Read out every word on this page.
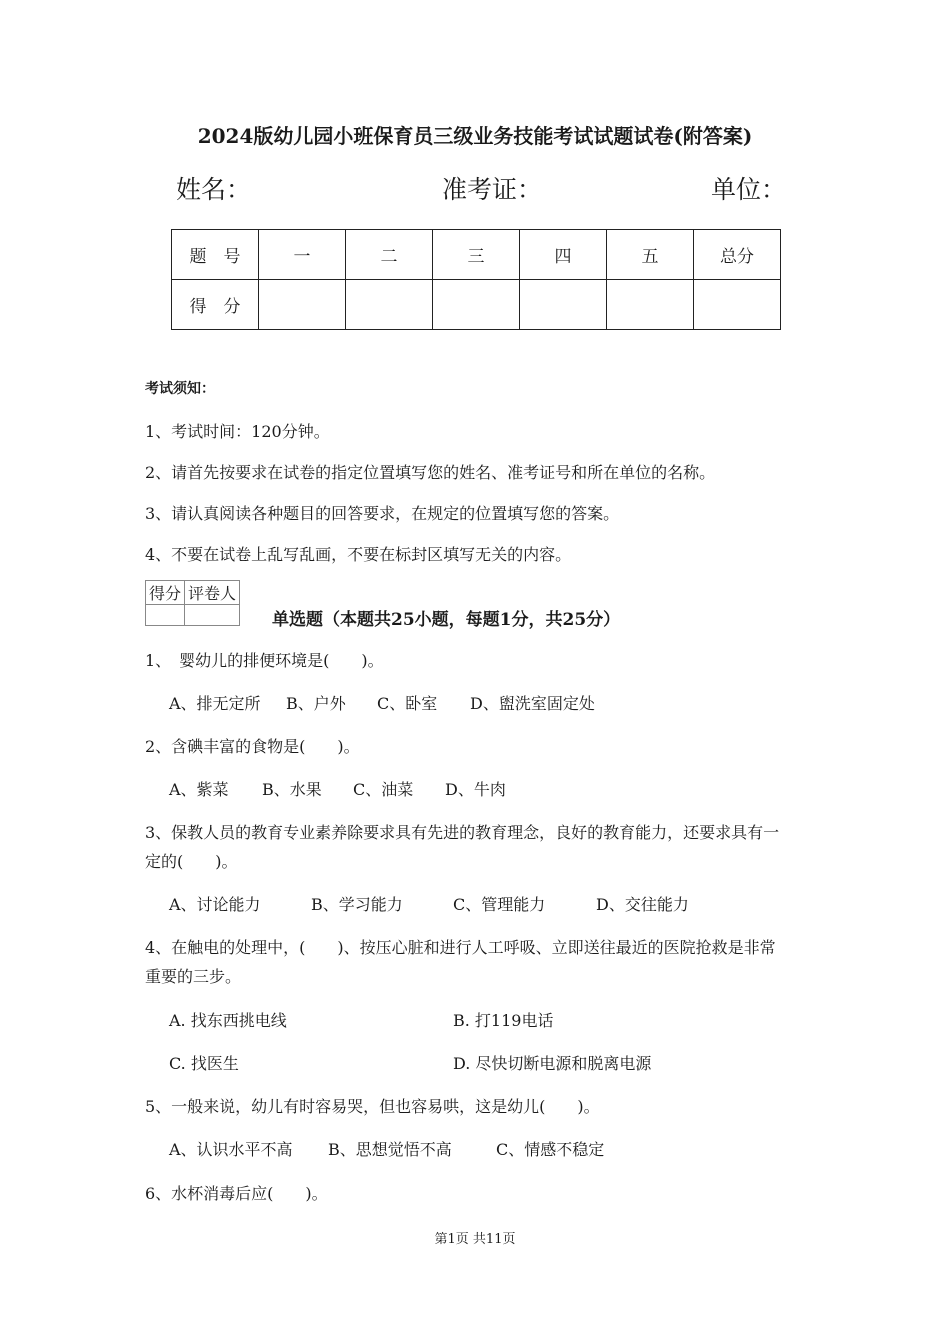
2024版幼儿园小班保育员三级业务技能考试试题试卷(附答案)
姓名：	准考证：	单位：
题　号	一	二	三	四	五	总分
得　分						
考试须知：
1、考试时间：120分钟。
2、请首先按要求在试卷的指定位置填写您的姓名、准考证号和所在单位的名称。
3、请认真阅读各种题目的回答要求，在规定的位置填写您的答案。
4、不要在试卷上乱写乱画，不要在标封区填写无关的内容。
得分	评卷人

单选题（本题共25小题，每题1分，共25分）
1、　婴幼儿的排便环境是(　　)。
A、排无定所 B、户外 C、卧室 D、盥洗室固定处
2、含碘丰富的食物是(　　)。
A、紫菜 B、水果 C、油菜 D、牛肉
3、保教人员的教育专业素养除要求具有先进的教育理念，良好的教育能力，还要求具有一
定的(　　)。
A、讨论能力	B、学习能力	C、管理能力	D、交往能力
4、在触电的处理中，(　　)、按压心脏和进行人工呼吸、立即送往最近的医院抢救是非常
重要的三步。
A. 找东西挑电线	B. 打119电话
C. 找医生	D. 尽快切断电源和脱离电源
5、一般来说，幼儿有时容易哭，但也容易哄，这是幼儿(　　)。
A、认识水平不高 B、思想觉悟不高	C、情感不稳定
6、水杯消毒后应(　　)。
第1页 共11页
